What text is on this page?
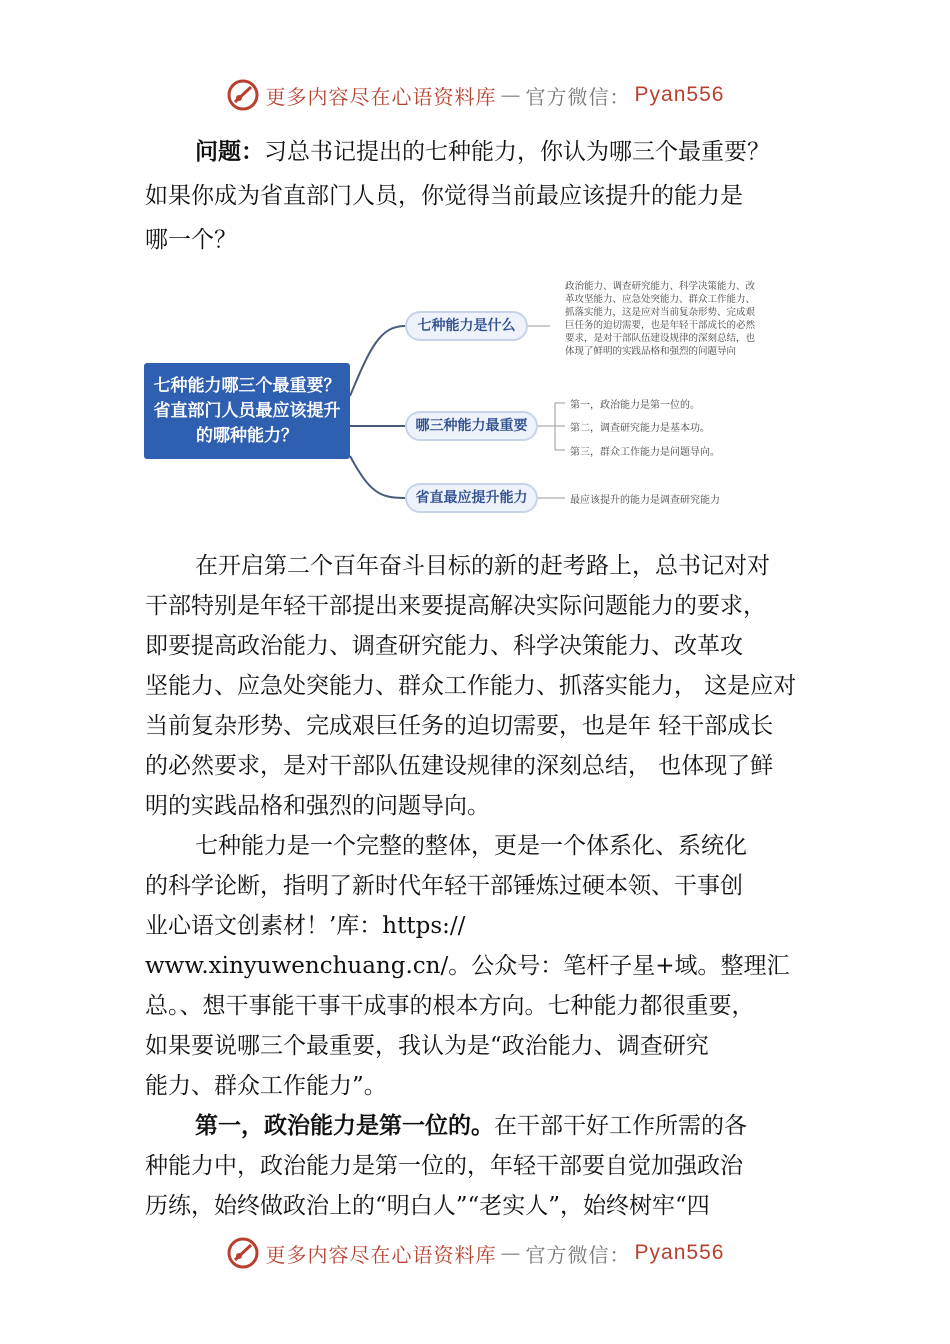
更多内容尽在心语资料库 — 官方微信： Pyan556

问题：习总书记提出的七种能力，你认为哪三个最重要？

如果你成为省直部门人员，你觉得当前最应该提升的能力是

哪一个？

七种能力哪三个最重要？省直部门人员最应该提升的哪种能力？
七种能力是什么
哪三种能力最重要
省直最应提升能力
政治能力、调查研究能力、科学决策能力、改
革攻坚能力、应急处突能力、群众工作能力、
抓落实能力，这是应对当前复杂形势、完成艰
巨任务的迫切需要，也是年轻干部成长的必然
要求，是对干部队伍建设规律的深刻总结，也
体现了鲜明的实践品格和强烈的问题导向
第一，政治能力是第一位的。
第二，调查研究能力是基本功。
第三，群众工作能力是问题导向。
最应该提升的能力是调查研究能力

在开启第二个百年奋斗目标的新的赶考路上，总书记对对

干部特别是年轻干部提出来要提高解决实际问题能力的要求，

即要提高政治能力、调查研究能力、科学决策能力、改革攻

坚能力、应急处突能力、群众工作能力、抓落实能力， 这是应对

当前复杂形势、完成艰巨任务的迫切需要，也是年 轻干部成长

的必然要求，是对干部队伍建设规律的深刻总结， 也体现了鲜

明的实践品格和强烈的问题导向。

七种能力是一个完整的整体，更是一个体系化、系统化

的科学论断，指明了新时代年轻干部锤炼过硬本领、干事创

业心语文创素材！’库：https://

www.xinyuwenchuang.cn/。公众号：笔杆子星+域。整理汇

总。、想干事能干事干成事的根本方向。七种能力都很重要，

如果要说哪三个最重要，我认为是“政治能力、调查研究

能力、群众工作能力”。

第一，政治能力是第一位的。在干部干好工作所需的各

种能力中，政治能力是第一位的，年轻干部要自觉加强政治

历练，始终做政治上的“明白人”“老实人”，始终树牢“四

更多内容尽在心语资料库 — 官方微信： Pyan556
